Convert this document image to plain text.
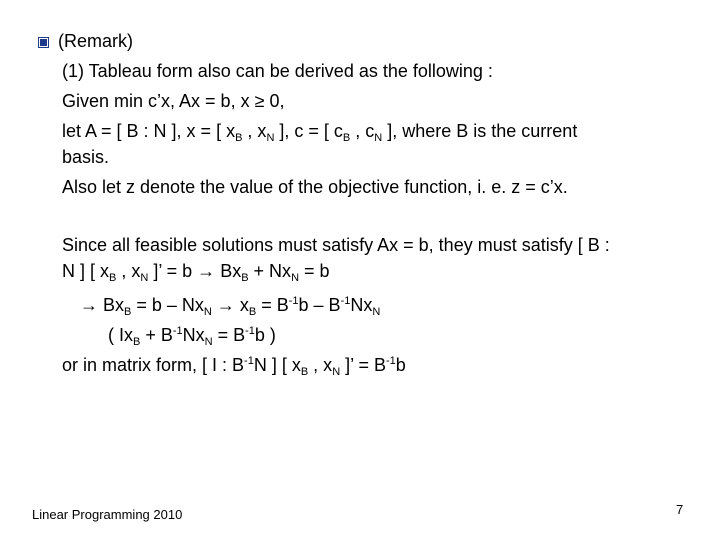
(Remark)
(1) Tableau form also can be derived as the following :
Given min c’x, Ax = b, x ≥ 0,
let A = [ B : N ], x = [ $x_B$ , $x_N$ ], c = [ $c_B$ , $c_N$ ], where B is the current
basis.
Also let z denote the value of the objective function, i. e. z = c’x.
Since all feasible solutions must satisfy Ax = b, they must satisfy [ B :
N ] [ $x_B$ , $x_N$ ]’ = $b \to Bx_B + Nx_N = b$
→ $Bx_B = b - Nx_N \to x_B = B^{-1}b - B^{-1}Nx_N$
( $Ix_B + B^{-1}Nx_N = B^{-1}b$ )
or in matrix form, [ I : $B^{-1}N$ ] [ $x_B$ , $x_N$ ]’ = $B^{-1}b$
Linear Programming 2010	7
